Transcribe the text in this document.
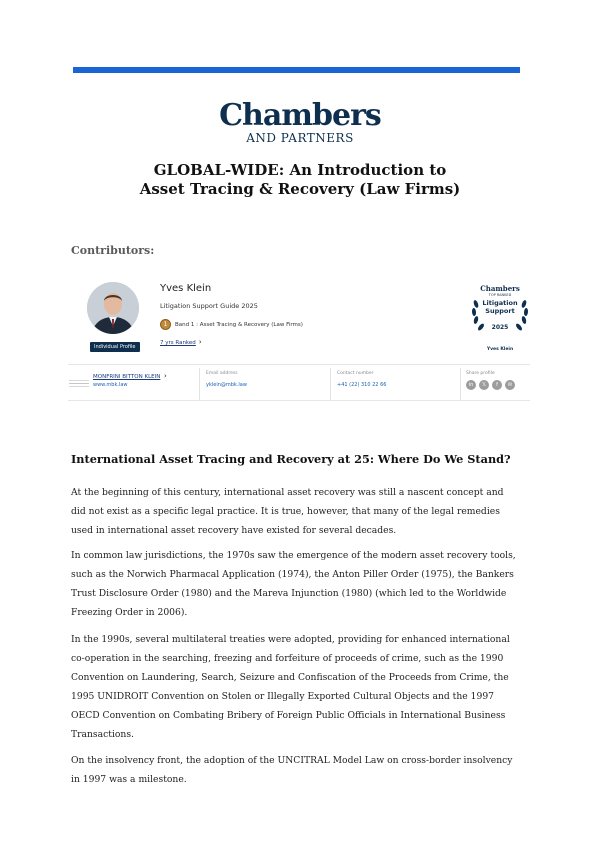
Chambers
AND PARTNERS
GLOBAL-WIDE: An Introduction to
Asset Tracing & Recovery (Law Firms)
Contributors:
Individual Profile
Yves Klein
Litigation Support Guide 2025
1	Band 1 : Asset Tracing & Recovery (Law Firms)
7 yrs Ranked ›
Chambers
TOP RANKED
Litigation
Support
2025
Yves Klein
MONFRINI BITTON KLEIN ›
www.mbk.law
Email address
yklein@mbk.law
Contact number
+41 (22) 310 22 66
Share profile
in	𝕏	f	✉
International Asset Tracing and Recovery at 25: Where Do We Stand?
At the beginning of this century, international asset recovery was still a nascent concept and
did not exist as a specific legal practice. It is true, however, that many of the legal remedies
used in international asset recovery have existed for several decades.
In common law jurisdictions, the 1970s saw the emergence of the modern asset recovery tools,
such as the Norwich Pharmacal Application (1974), the Anton Piller Order (1975), the Bankers
Trust Disclosure Order (1980) and the Mareva Injunction (1980) (which led to the Worldwide
Freezing Order in 2006).
In the 1990s, several multilateral treaties were adopted, providing for enhanced international
co-operation in the searching, freezing and forfeiture of proceeds of crime, such as the 1990
Convention on Laundering, Search, Seizure and Confiscation of the Proceeds from Crime, the
1995 UNIDROIT Convention on Stolen or Illegally Exported Cultural Objects and the 1997
OECD Convention on Combating Bribery of Foreign Public Officials in International Business
Transactions.
On the insolvency front, the adoption of the UNCITRAL Model Law on cross-border insolvency
in 1997 was a milestone.
